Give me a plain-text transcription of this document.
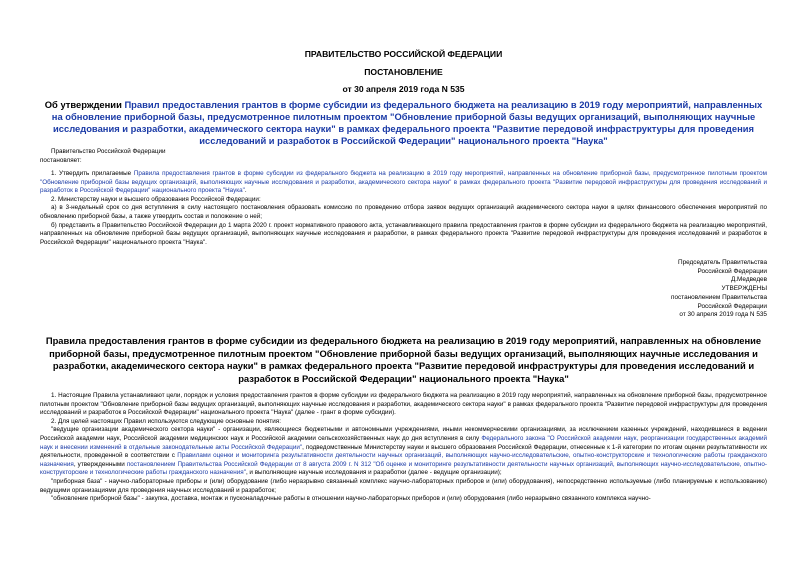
ПРАВИТЕЛЬСТВО РОССИЙСКОЙ ФЕДЕРАЦИИ
ПОСТАНОВЛЕНИЕ
от 30 апреля 2019 года N 535
Об утверждении Правил предоставления грантов в форме субсидии из федерального бюджета на реализацию в 2019 году мероприятий, направленных на обновление приборной базы, предусмотренное пилотным проектом "Обновление приборной базы ведущих организаций, выполняющих научные исследования и разработки, академического сектора науки" в рамках федерального проекта "Развитие передовой инфраструктуры для проведения исследований и разработок в Российской Федерации" национального проекта "Наука"

Правительство Российской Федерации

постановляет:

1. Утвердить прилагаемые Правила предоставления грантов в форме субсидии из федерального бюджета на реализацию в 2019 году мероприятий, направленных на обновление приборной базы, предусмотренное пилотным проектом "Обновление приборной базы ведущих организаций, выполняющих научные исследования и разработки, академического сектора науки" в рамках федерального проекта "Развитие передовой инфраструктуры для проведения исследований и разработок в Российской Федерации" национального проекта "Наука".

2. Министерству науки и высшего образования Российской Федерации:

а) в 3-недельный срок со дня вступления в силу настоящего постановления образовать комиссию по проведению отбора заявок ведущих организаций академического сектора науки в целях финансового обеспечения мероприятий по обновлению приборной базы, а также утвердить состав и положение о ней;

б) представить в Правительство Российской Федерации до 1 марта 2020 г. проект нормативного правового акта, устанавливающего правила предоставления грантов в форме субсидии из федерального бюджета на реализацию мероприятий, направленных на обновление приборной базы ведущих организаций, выполняющих научные исследования и разработки, в рамках федерального проекта "Развитие передовой инфраструктуры для проведения исследований и разработок в Российской Федерации" национального проекта "Наука".

Председатель Правительства
Российской Федерации
Д.Медведев
УТВЕРЖДЕНЫ
постановлением Правительства
Российской Федерации
от 30 апреля 2019 года N 535
Правила предоставления грантов в форме субсидии из федерального бюджета на реализацию в 2019 году мероприятий, направленных на обновление приборной базы, предусмотренное пилотным проектом "Обновление приборной базы ведущих организаций, выполняющих научные исследования и разработки, академического сектора науки" в рамках федерального проекта "Развитие передовой инфраструктуры для проведения исследований и разработок в Российской Федерации" национального проекта "Наука"

1. Настоящие Правила устанавливают цели, порядок и условия предоставления грантов в форме субсидии из федерального бюджета на реализацию в 2019 году мероприятий, направленных на обновление приборной базы, предусмотренное пилотным проектом "Обновление приборной базы ведущих организаций, выполняющих научные исследования и разработки, академического сектора науки" в рамках федерального проекта "Развитие передовой инфраструктуры для проведения исследований и разработок в Российской Федерации" национального проекта "Наука" (далее - грант в форме субсидии).

2. Для целей настоящих Правил используются следующие основные понятия:

"ведущие организации академического сектора науки" - организации, являющиеся бюджетными и автономными учреждениями, иными некоммерческими организациями, за исключением казенных учреждений, находившиеся в ведении Российской академии наук, Российской академии медицинских наук и Российской академии сельскохозяйственных наук до дня вступления в силу Федерального закона "О Российской академии наук, реорганизации государственных академий наук и внесении изменений в отдельные законодательные акты Российской Федерации", подведомственные Министерству науки и высшего образования Российской Федерации, отнесенные к 1-й категории по итогам оценки результативности их деятельности, проведенной в соответствии с Правилами оценки и мониторинга результативности деятельности научных организаций, выполняющих научно-исследовательские, опытно-конструкторские и технологические работы гражданского назначения, утвержденными постановлением Правительства Российской Федерации от 8 августа 2009 г. N 312 "Об оценке и мониторинге результативности деятельности научных организаций, выполняющих научно-исследовательские, опытно-конструкторские и технологические работы гражданского назначения", и выполняющие научные исследования и разработки (далее - ведущие организации);

"приборная база" - научно-лабораторные приборы и (или) оборудование (либо неразрывно связанный комплекс научно-лабораторных приборов и (или) оборудования), непосредственно используемые (либо планируемые к использованию) ведущими организациями для проведения научных исследований и разработок;

"обновление приборной базы" - закупка, доставка, монтаж и пусконаладочные работы в отношении научно-лабораторных приборов и (или) оборудования (либо неразрывно связанного комплекса научно-
